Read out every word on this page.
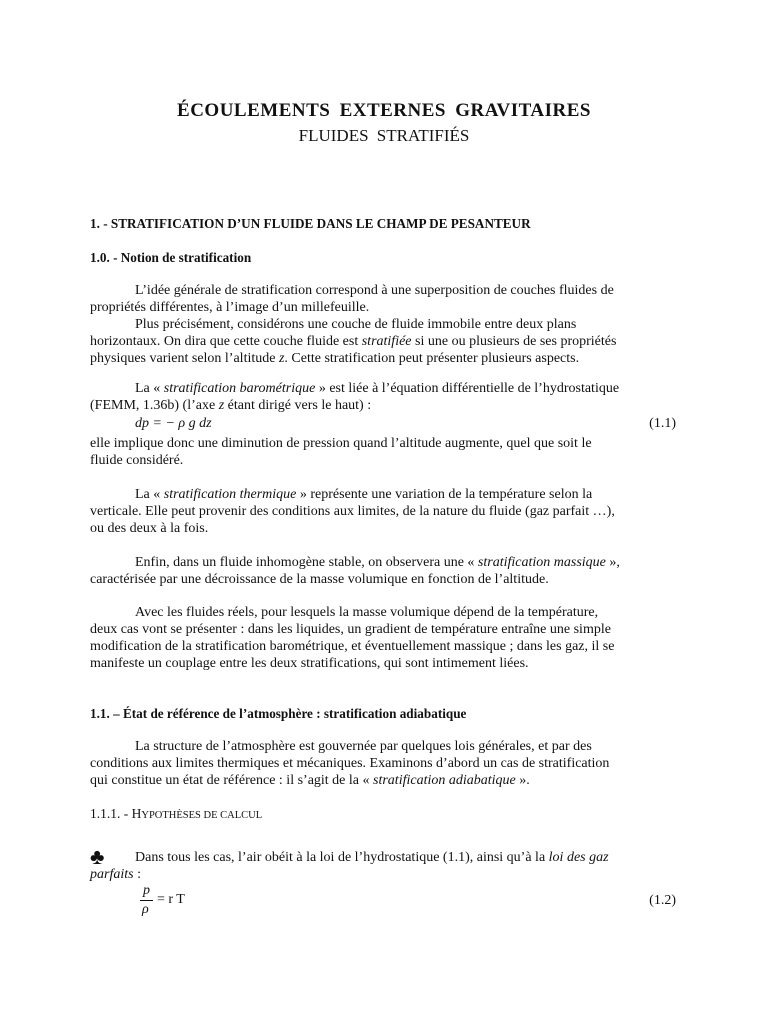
ÉCOULEMENTS EXTERNES GRAVITAIRES
FLUIDES STRATIFIÉS
1. - STRATIFICATION D’UN FLUIDE DANS LE CHAMP DE PESANTEUR
1.0. - Notion de stratification
L’idée générale de stratification correspond à une superposition de couches fluides de
propriétés différentes, à l’image d’un millefeuille.
Plus précisément, considérons une couche de fluide immobile entre deux plans
horizontaux. On dira que cette couche fluide est stratifiée si une ou plusieurs de ses propriétés
physiques varient selon l’altitude z. Cette stratification peut présenter plusieurs aspects.
La « stratification barométrique » est liée à l’équation différentielle de l’hydrostatique
(FEMM, 1.36b) (l’axe z étant dirigé vers le haut) :
dp = − ρ g dz	(1.1)
elle implique donc une diminution de pression quand l’altitude augmente, quel que soit le
fluide considéré.
La « stratification thermique » représente une variation de la température selon la
verticale. Elle peut provenir des conditions aux limites, de la nature du fluide (gaz parfait …),
ou des deux à la fois.
Enfin, dans un fluide inhomogène stable, on observera une « stratification massique »,
caractérisée par une décroissance de la masse volumique en fonction de l’altitude.
Avec les fluides réels, pour lesquels la masse volumique dépend de la température,
deux cas vont se présenter : dans les liquides, un gradient de température entraîne une simple
modification de la stratification barométrique, et éventuellement massique ; dans les gaz, il se
manifeste un couplage entre les deux stratifications, qui sont intimement liées.
1.1. – État de référence de l’atmosphère : stratification adiabatique
La structure de l’atmosphère est gouvernée par quelques lois générales, et par des
conditions aux limites thermiques et mécaniques. Examinons d’abord un cas de stratification
qui constitue un état de référence : il s’agit de la « stratification adiabatique ».
1.1.1. - HYPOTHÈSES DE CALCUL
♣	Dans tous les cas, l’air obéit à la loi de l’hydrostatique (1.1), ainsi qu’à la loi des gaz
parfaits :
p
ρ
= r T	(1.2)
